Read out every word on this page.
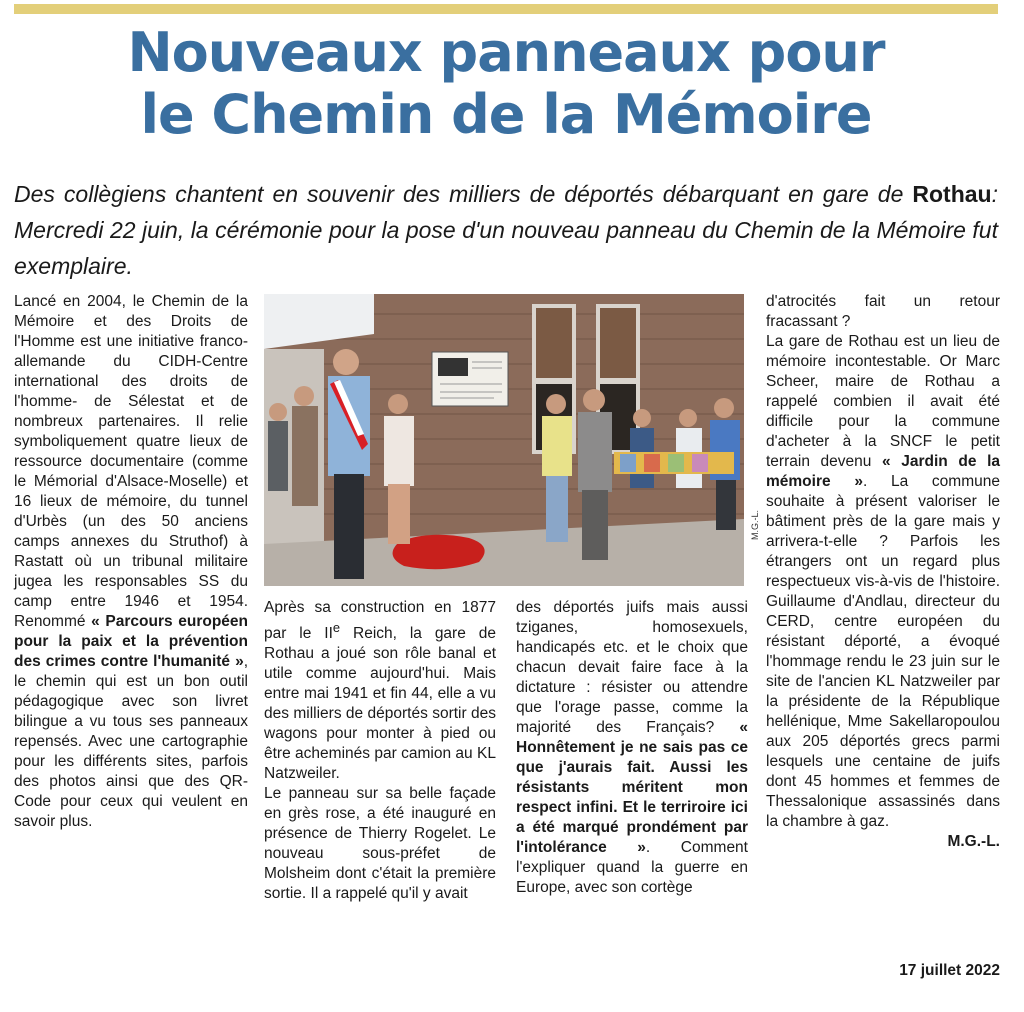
Nouveaux panneaux pour
le Chemin de la Mémoire
Des collègiens chantent en souvenir des milliers de déportés débarquant en gare de Rothau: Mercredi 22 juin, la cérémonie pour la pose d'un nouveau panneau du Chemin de la Mémoire fut exemplaire.
M.G.-L.

Lancé en 2004, le Chemin de la Mémoire et des Droits de l'Homme est une initiative franco-allemande du CIDH-Centre international des droits de l'homme- de Sélestat et de nombreux partenaires. Il relie symboliquement quatre lieux de ressource documentaire (comme le Mémorial d'Alsace-Moselle) et 16 lieux de mémoire, du tunnel d'Urbès (un des 50 anciens camps annexes du Struthof) à Rastatt où un tribunal militaire jugea les responsables SS du camp entre 1946 et 1954. Renommé « Parcours européen pour la paix et la prévention des crimes contre l'humanité », le chemin qui est un bon outil pédagogique avec son livret bilingue a vu tous ses panneaux repensés. Avec une cartographie pour les différents sites, parfois des photos ainsi que des QR-Code pour ceux qui veulent en savoir plus.

Après sa construction en 1877 par le IIe Reich, la gare de Rothau a joué son rôle banal et utile comme aujourd'hui. Mais entre mai 1941 et fin 44, elle a vu des milliers de déportés sortir des wagons pour monter à pied ou être acheminés par camion au KL Natzweiler.

Le panneau sur sa belle façade en grès rose, a été inauguré en présence de Thierry Rogelet. Le nouveau sous-préfet de Molsheim dont c'était la première sortie. Il a rappelé qu'il y avait

des déportés juifs mais aussi tziganes, homosexuels, handicapés etc. et le choix que chacun devait faire face à la dictature : résister ou attendre que l'orage passe, comme la majorité des Français? « Honnêtement je ne sais pas ce que j'aurais fait. Aussi les résistants méritent mon respect infini. Et le terriroire ici a été marqué prondément par l'intolérance ». Comment l'expliquer quand la guerre en Europe, avec son cortège

d'atrocités fait un retour fracassant ?

La gare de Rothau est un lieu de mémoire incontestable. Or Marc Scheer, maire de Rothau a rappelé combien il avait été difficile pour la commune d'acheter à la SNCF le petit terrain devenu « Jardin de la mémoire ». La commune souhaite à présent valoriser le bâtiment près de la gare mais y arrivera-t-elle ? Parfois les étrangers ont un regard plus respectueux vis-à-vis de l'histoire. Guillaume d'Andlau, directeur du CERD, centre européen du résistant déporté, a évoqué l'hommage rendu le 23 juin sur le site de l'ancien KL Natzweiler par la présidente de la République hellénique, Mme Sakellaropoulou aux 205 déportés grecs parmi lesquels une centaine de juifs dont 45 hommes et femmes de Thessalonique assassinés dans la chambre à gaz.

M.G.-L.

17 juillet 2022
